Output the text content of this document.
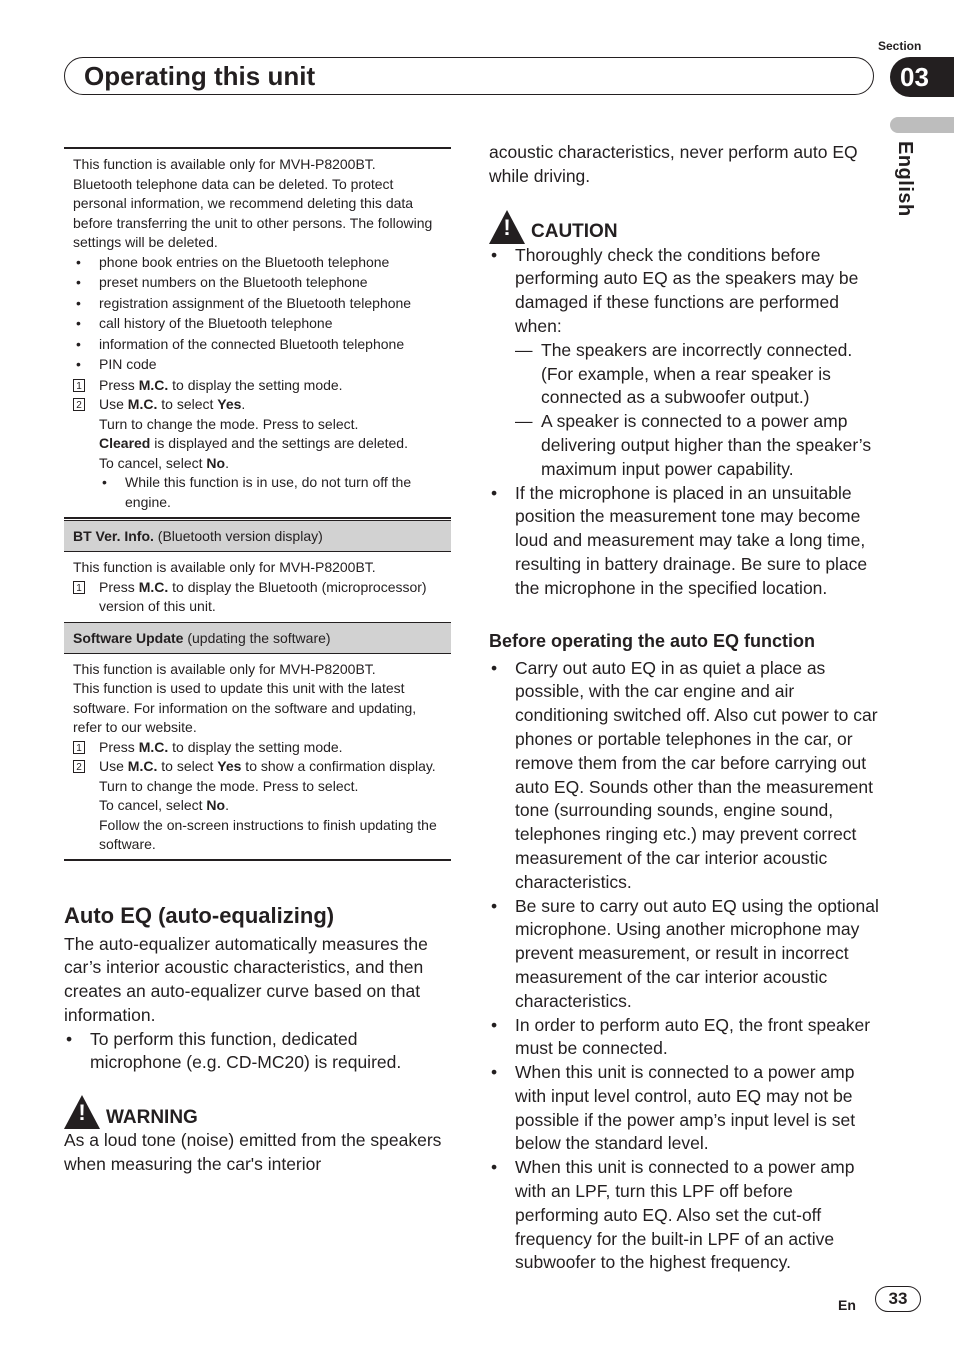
Section
Operating this unit	03
English
This function is available only for MVH-P8200BT.
Bluetooth telephone data can be deleted. To protect personal information, we recommend deleting this data before transferring the unit to other persons. The following settings will be deleted.
• phone book entries on the Bluetooth telephone
• preset numbers on the Bluetooth telephone
• registration assignment of the Bluetooth telephone
• call history of the Bluetooth telephone
• information of the connected Bluetooth telephone
• PIN code
1 Press M.C. to display the setting mode.
2 Use M.C. to select Yes.
Turn to change the mode. Press to select.
Cleared is displayed and the settings are deleted.
To cancel, select No.
• While this function is in use, do not turn off the engine.
BT Ver. Info. (Bluetooth version display)
This function is available only for MVH-P8200BT.
1 Press M.C. to display the Bluetooth (microprocessor) version of this unit.
Software Update (updating the software)
This function is available only for MVH-P8200BT.
This function is used to update this unit with the latest software. For information on the software and updating, refer to our website.
1 Press M.C. to display the setting mode.
2 Use M.C. to select Yes to show a confirmation display.
Turn to change the mode. Press to select.
To cancel, select No.
Follow the on-screen instructions to finish updating the software.
Auto EQ (auto-equalizing)
The auto-equalizer automatically measures the car’s interior acoustic characteristics, and then creates an auto-equalizer curve based on that information.
• To perform this function, dedicated microphone (e.g. CD-MC20) is required.
! WARNING
As a loud tone (noise) emitted from the speakers when measuring the car's interior
acoustic characteristics, never perform auto EQ while driving.
! CAUTION
• Thoroughly check the conditions before performing auto EQ as the speakers may be damaged if these functions are performed when:
— The speakers are incorrectly connected. (For example, when a rear speaker is connected as a subwoofer output.)
— A speaker is connected to a power amp delivering output higher than the speaker’s maximum input power capability.
• If the microphone is placed in an unsuitable position the measurement tone may become loud and measurement may take a long time, resulting in battery drainage. Be sure to place the microphone in the specified location.
Before operating the auto EQ function
• Carry out auto EQ in as quiet a place as possible, with the car engine and air conditioning switched off. Also cut power to car phones or portable telephones in the car, or remove them from the car before carrying out auto EQ. Sounds other than the measurement tone (surrounding sounds, engine sound, telephones ringing etc.) may prevent correct measurement of the car interior acoustic characteristics.
• Be sure to carry out auto EQ using the optional microphone. Using another microphone may prevent measurement, or result in incorrect measurement of the car interior acoustic characteristics.
• In order to perform auto EQ, the front speaker must be connected.
• When this unit is connected to a power amp with input level control, auto EQ may not be possible if the power amp’s input level is set below the standard level.
• When this unit is connected to a power amp with an LPF, turn this LPF off before performing auto EQ. Also set the cut-off frequency for the built-in LPF of an active subwoofer to the highest frequency.
En	33
